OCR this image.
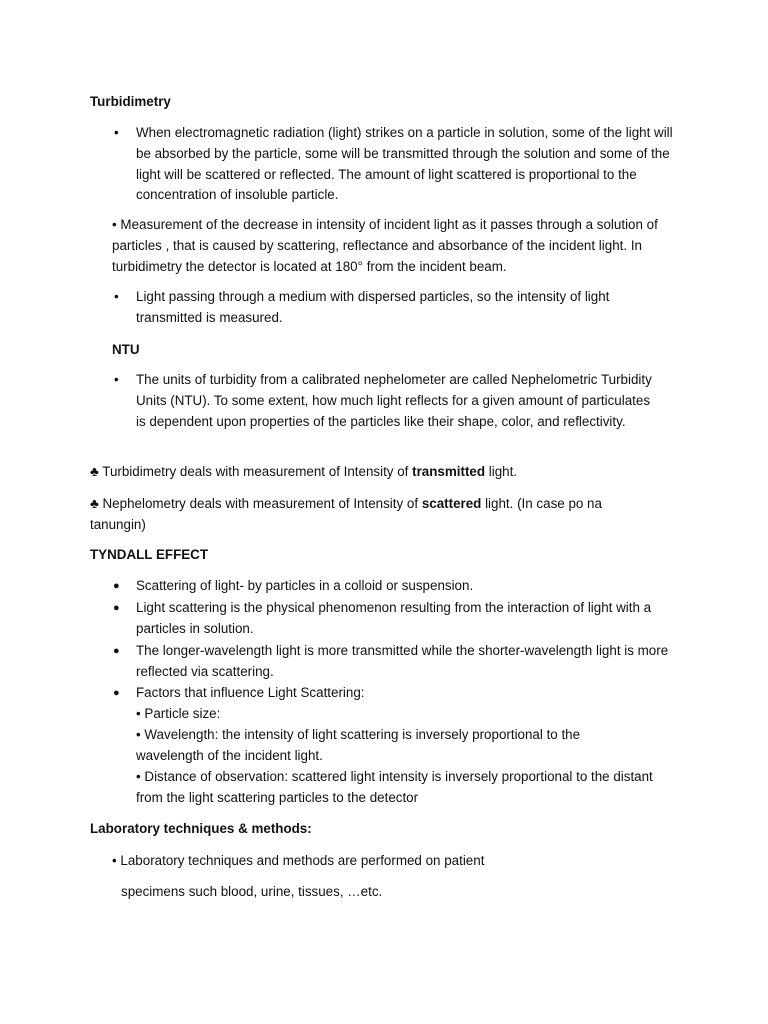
Turbidimetry

• When electromagnetic radiation (light) strikes on a particle in solution, some of the light will be absorbed by the particle, some will be transmitted through the solution and some of the light will be scattered or reflected. The amount of light scattered is proportional to the concentration of insoluble particle.

• Measurement of the decrease in intensity of incident light as it passes through a solution of particles , that is caused by scattering, reflectance and absorbance of the incident light. In turbidimetry the detector is located at 180° from the incident beam.

• Light passing through a medium with dispersed particles, so the intensity of light transmitted is measured.

NTU

• The units of turbidity from a calibrated nephelometer are called Nephelometric Turbidity Units (NTU). To some extent, how much light reflects for a given amount of particulates is dependent upon properties of the particles like their shape, color, and reflectivity.

♣ Turbidimetry deals with measurement of Intensity of transmitted light.

♣ Nephelometry deals with measurement of Intensity of scattered light. (In case po na tanungin)

TYNDALL EFFECT

● Scattering of light- by particles in a colloid or suspension.
● Light scattering is the physical phenomenon resulting from the interaction of light with a particles in solution.
● The longer-wavelength light is more transmitted while the shorter-wavelength light is more reflected via scattering.
● Factors that influence Light Scattering:

• Particle size:

• Wavelength: the intensity of light scattering is inversely proportional to the wavelength of the incident light.

• Distance of observation: scattered light intensity is inversely proportional to the distant from the light scattering particles to the detector

Laboratory techniques & methods:

• Laboratory techniques and methods are performed on patient

specimens such blood, urine, tissues, …etc.
